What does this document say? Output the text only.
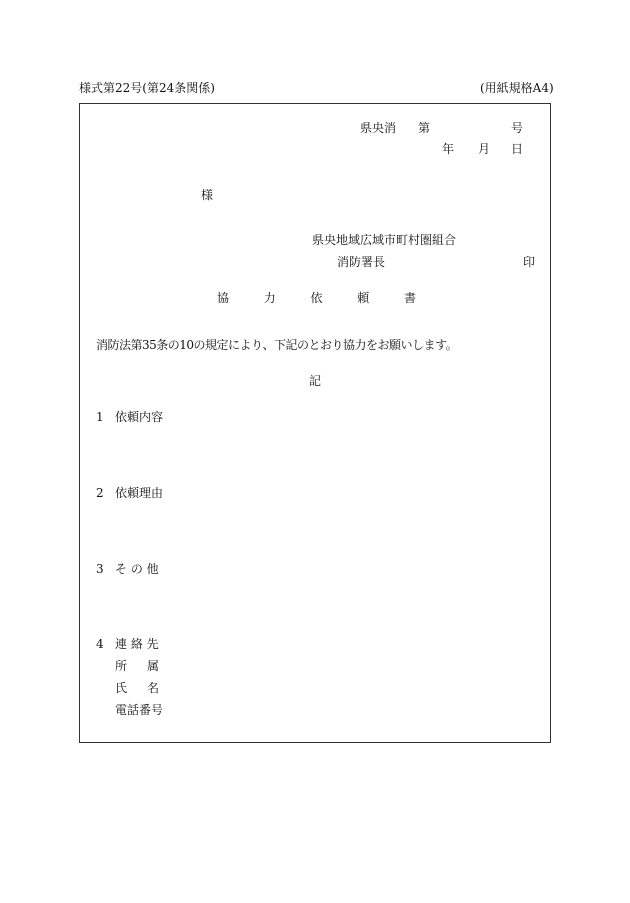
様式第22号(第24条関係)	(用紙規格A4)
県央消 第	号
年 月 日
様
県央地域広域市町村圏組合
消防署長	印
協	力	依	頼	書
消防法第35条の10の規定により、下記のとおり協力をお願いします。
記
1 依頼内容
2 依頼理由
3 そ の 他
4 連 絡 先
所 属
氏 名
電話番号
